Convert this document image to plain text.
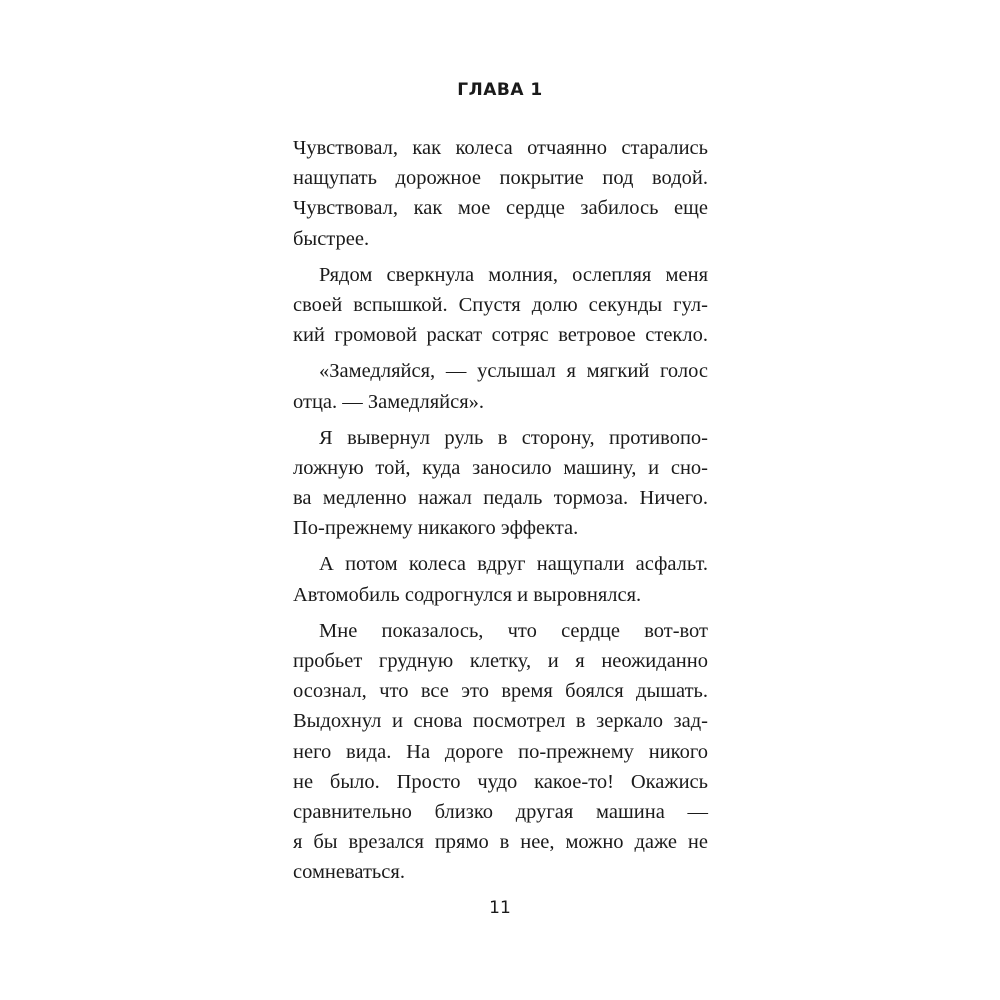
ГЛАВА 1
Чувствовал, как колеса отчаянно старались
нащупать дорожное покрытие под водой.
Чувствовал, как мое сердце забилось еще
быстрее.
Рядом сверкнула молния, ослепляя меня
своей вспышкой. Спустя долю секунды гул-
кий громовой раскат сотряс ветровое стекло.
«Замедляйся, — услышал я мягкий голос
отца. — Замедляйся».
Я вывернул руль в сторону, противопо-
ложную той, куда заносило машину, и сно-
ва медленно нажал педаль тормоза. Ничего.
По-прежнему никакого эффекта.
А потом колеса вдруг нащупали асфальт.
Автомобиль содрогнулся и выровнялся.
Мне показалось, что сердце вот-вот
пробьет грудную клетку, и я неожиданно
осознал, что все это время боялся дышать.
Выдохнул и снова посмотрел в зеркало зад-
него вида. На дороге по-прежнему никого
не было. Просто чудо какое-то! Окажись
сравнительно близко другая машина —
я бы врезался прямо в нее, можно даже не
сомневаться.

11
